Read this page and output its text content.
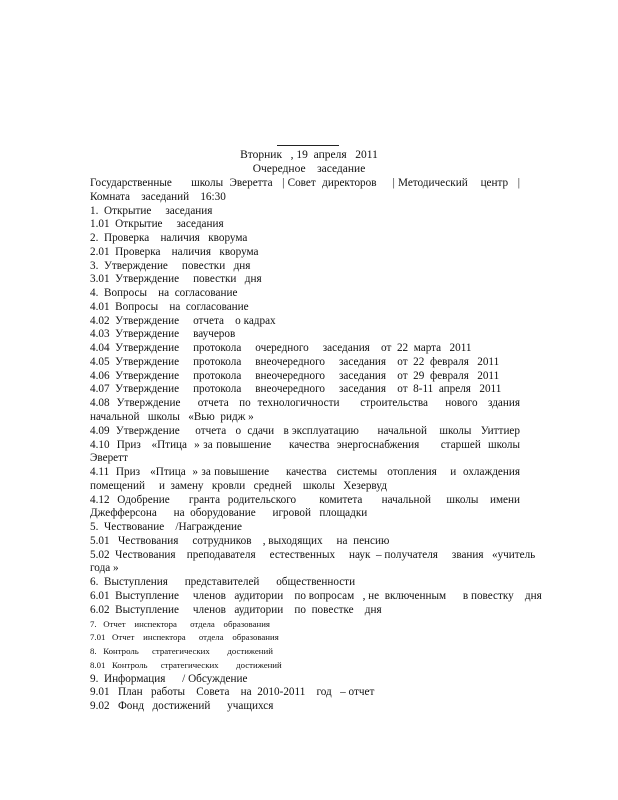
Вторник   , 19  апреля   2011
Очередное    заседание
Государственные      школы  Эверетта   | Совет  директоров     | Методический    центр   |
Комната    заседаний    16:30
1.  Открытие     заседания
1.01  Открытие     заседания
2.  Проверка    наличия   кворума
2.01  Проверка    наличия   кворума
3.  Утверждение     повестки   дня
3.01  Утверждение     повестки   дня
4.  Вопросы    на  согласование
4.01  Вопросы    на  согласование
4.02  Утверждение     отчета    о кадрах
4.03  Утверждение     ваучеров
4.04  Утверждение     протокола     очередного     заседания    от  22  марта   2011
4.05  Утверждение     протокола     внеочередного     заседания    от  22  февраля   2011
4.06  Утверждение     протокола     внеочередного     заседания    от  29  февраля   2011
4.07  Утверждение     протокола     внеочередного     заседания    от  8-11  апреля   2011
4.08  Утверждение     отчета   по  технологичности      строительства     нового   здания
начальной   школы   «Вью  ридж »
4.09  Утверждение     отчета   о  сдачи   в эксплуатацию      начальной    школы   Уиттиер
4.10  Приз   «Птица  » за повышение     качества  энергоснабжения      старшей  школы
Эверетт
4.11  Приз   «Птица  » за повышение     качества   системы   отопления    и  охлаждения
помещений     и  замену   кровли   средней    школы   Хезервуд
4.12  Одобрение     гранта  родительского      комитета     начальной    школы   имени
Джефферсона      на  оборудование      игровой   площадки
5.  Чествование    /Награждение
5.01   Чествования     сотрудников    , выходящих     на  пенсию
5.02  Чествования    преподавателя     естественных     наук  – получателя     звания   «учитель
года »
6.  Выступления      представителей      общественности
6.01  Выступление     членов   аудитории    по вопросам   , не  включенным      в повестку    дня
6.02  Выступление     членов   аудитории    по  повестке    дня
7.   Отчет    инспектора      отдела    образования
7.01   Отчет    инспектора      отдела    образования
8.   Контроль      стратегических        достижений
8.01   Контроль      стратегических        достижений
9.  Информация      / Обсуждение
9.01   План   работы    Совета    на  2010-2011    год   – отчет
9.02   Фонд   достижений      учащихся
